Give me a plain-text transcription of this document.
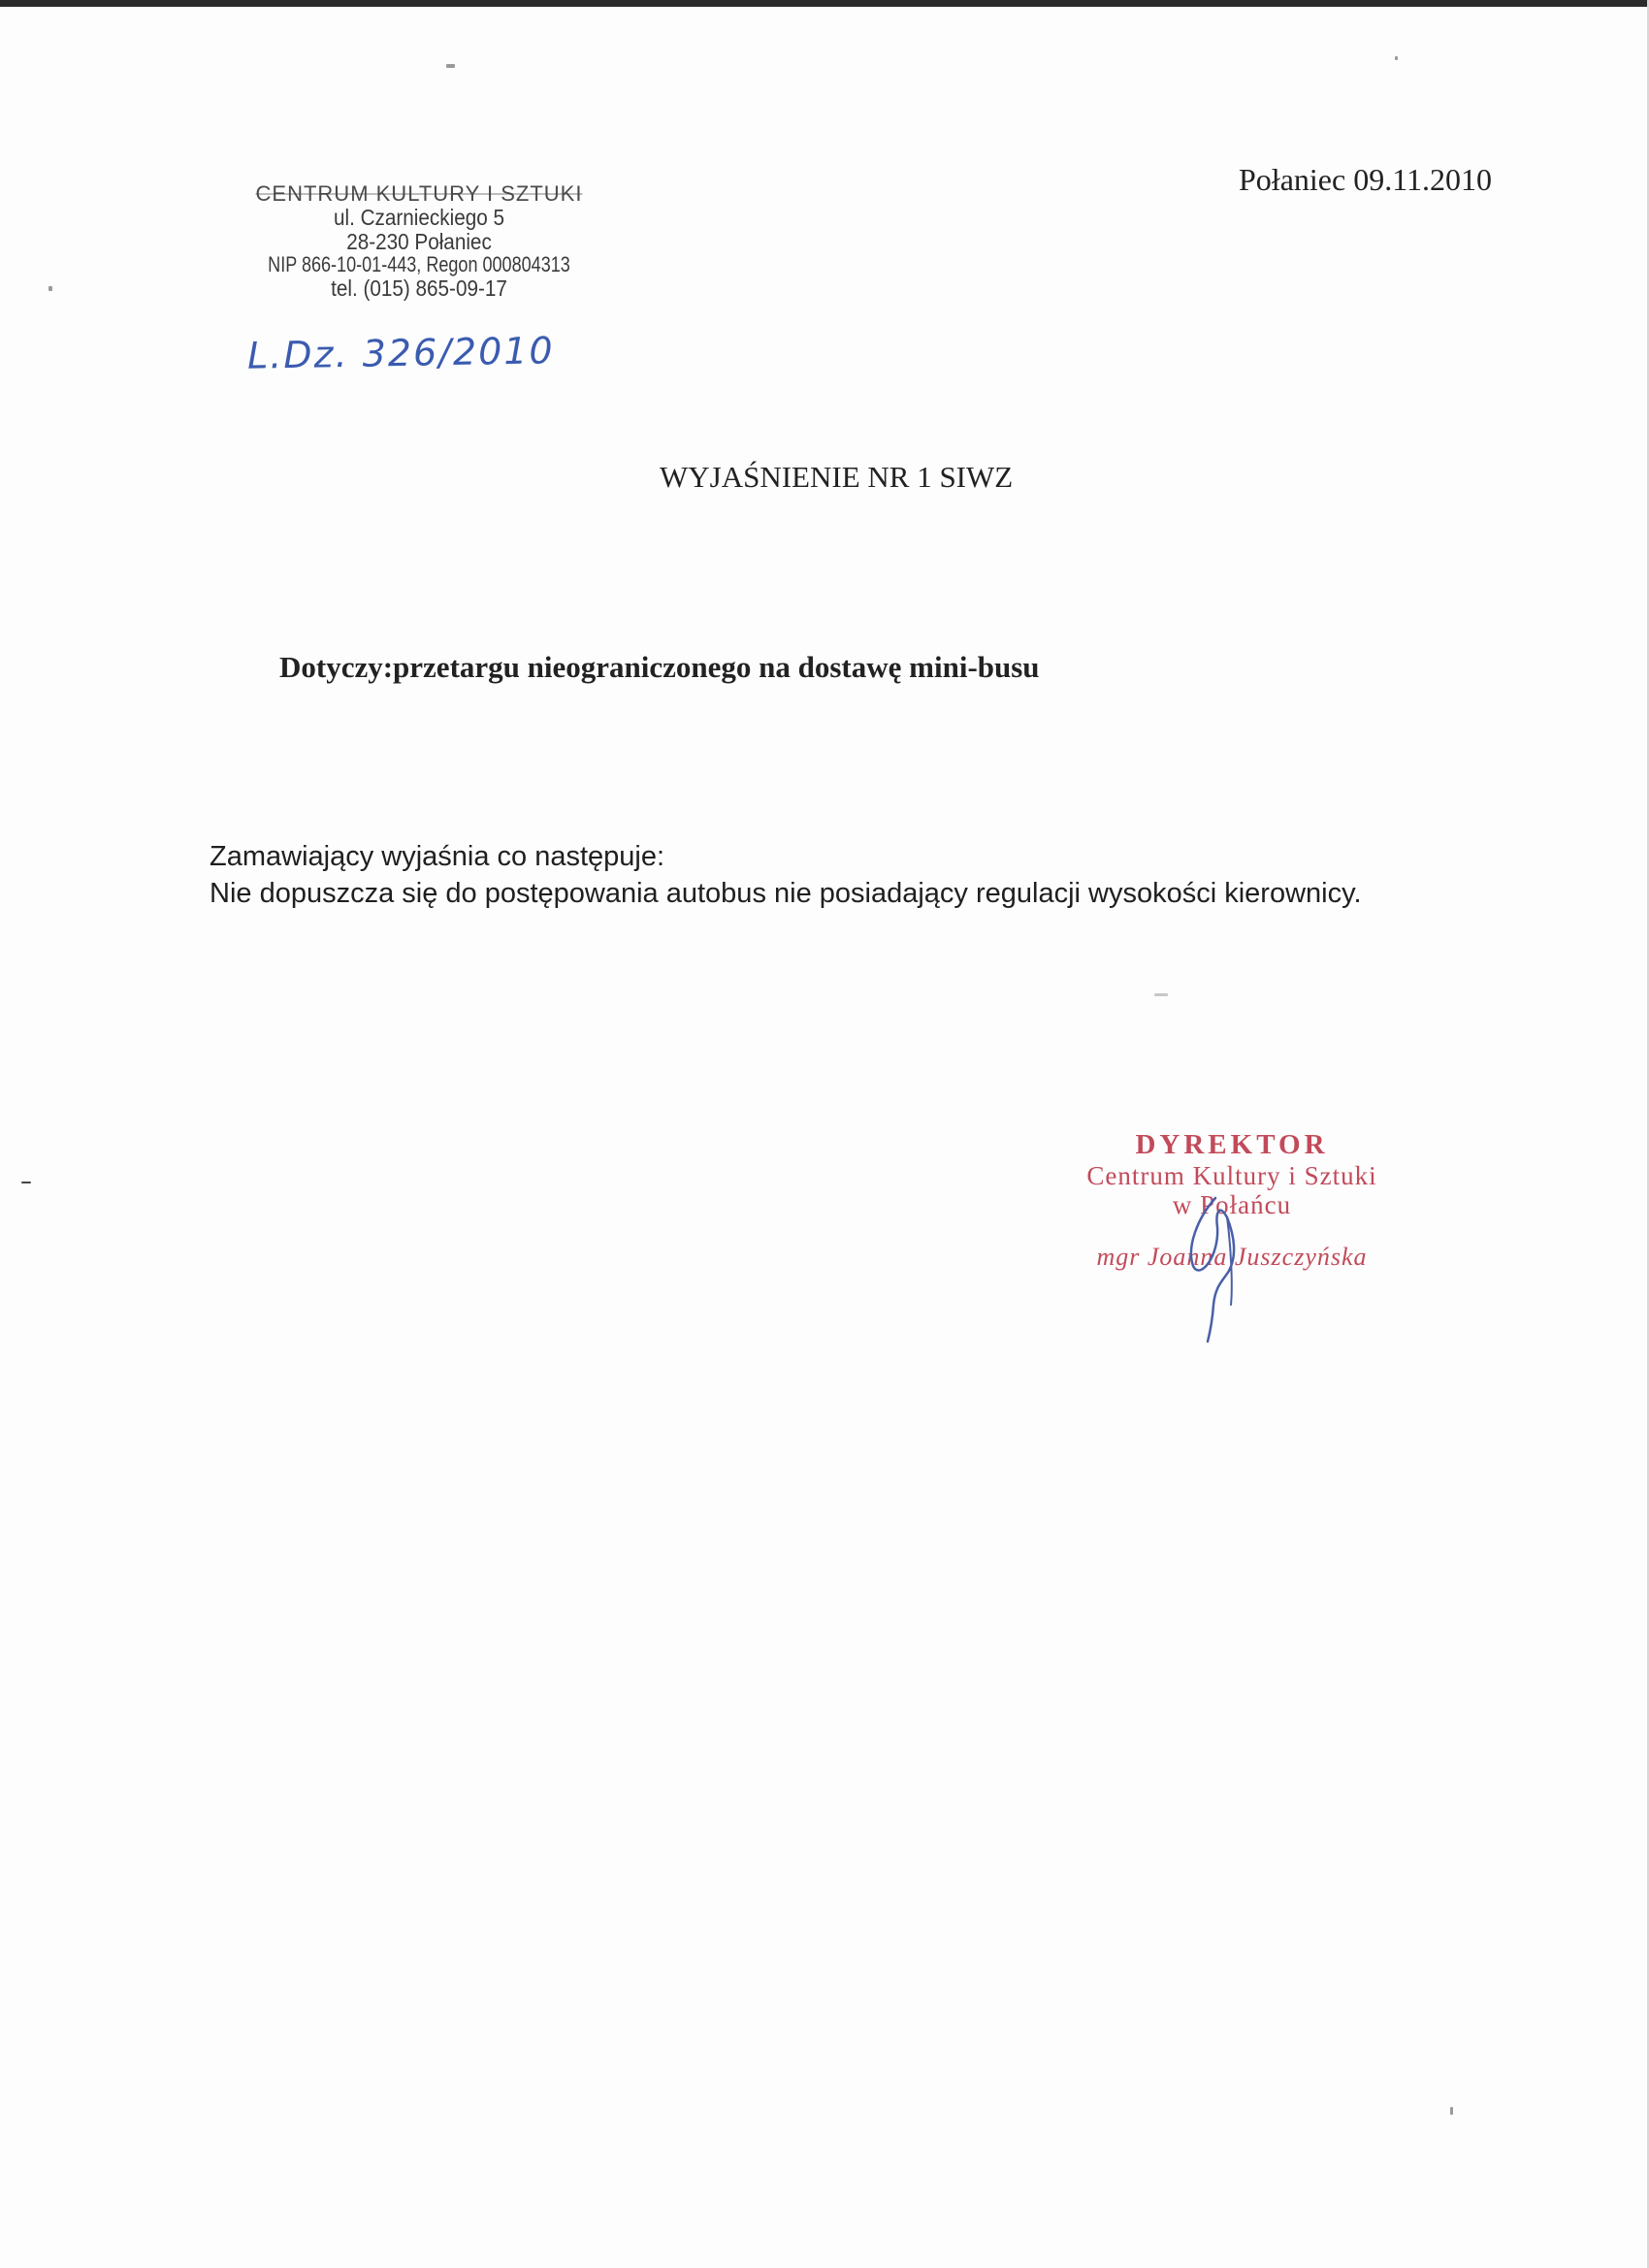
Połaniec 09.11.2010
CENTRUM KULTURY I SZTUKI
ul. Czarnieckiego 5
28-230 Połaniec
NIP 866-10-01-443, Regon 000804313
tel. (015) 865-09-17
L.Dz. 326/2010
WYJAŚNIENIE NR 1 SIWZ
Dotyczy:przetargu nieograniczonego na dostawę mini-busu
Zamawiający wyjaśnia co następuje:
Nie dopuszcza się do postępowania autobus nie posiadający regulacji wysokości kierownicy.
DYREKTOR
Centrum Kultury i Sztuki
w Połańcu
mgr Joanna Juszczyńska
